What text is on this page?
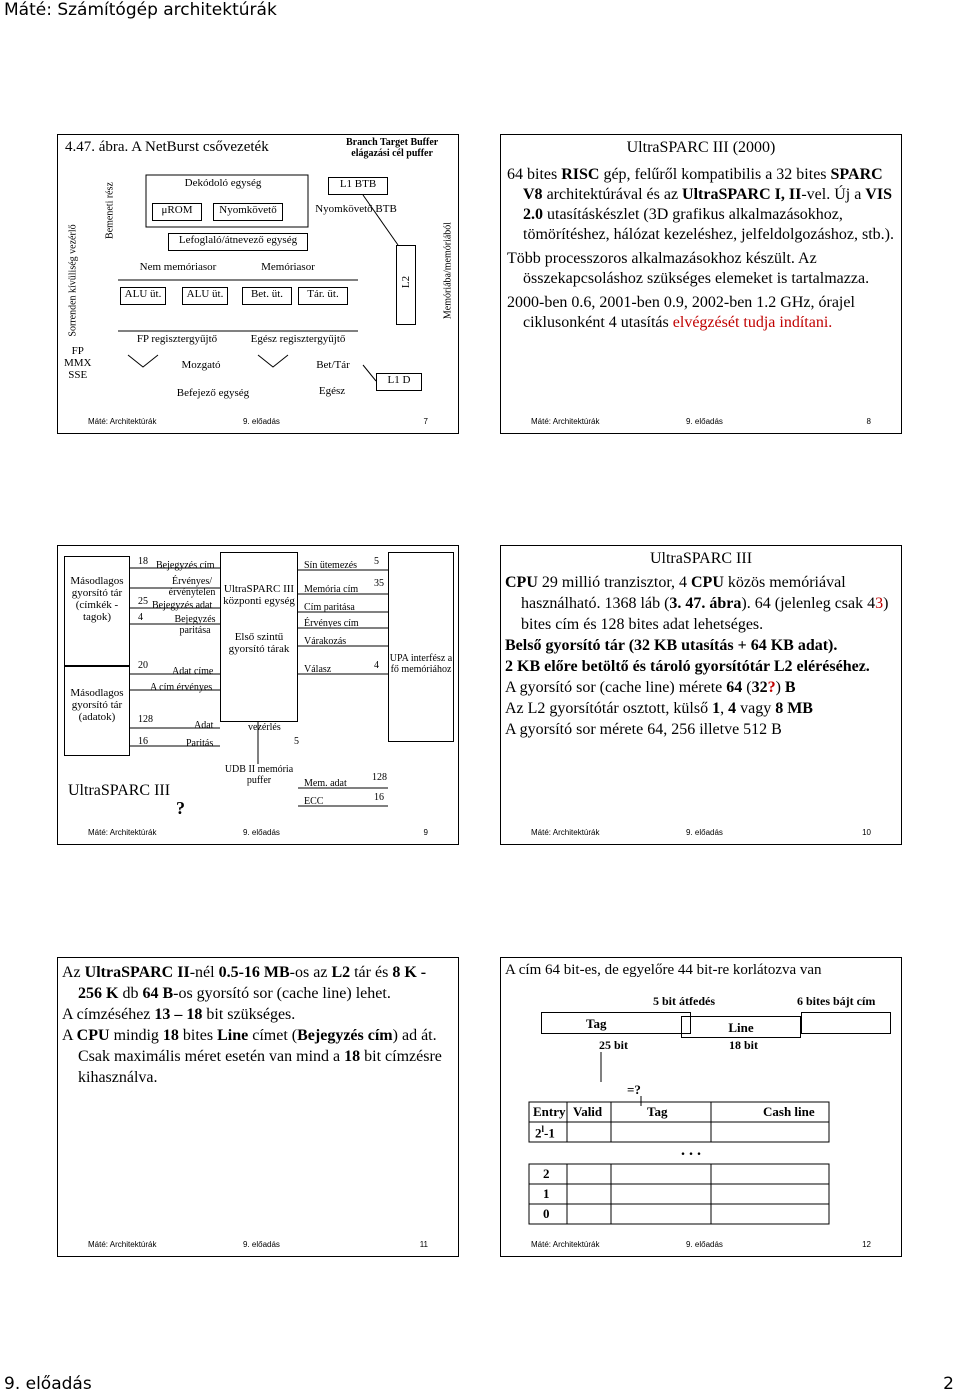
Máté: Számítógép architektúrák
4.47. ábra. A NetBurst csővezeték	Branch Target Buffer
elágazási cél puffer
Sorrenden kívüliség vezérlő
Bemeneti rész
FP
MMX
SSE
Dekódoló egység	L1 BTB
μROM	Nyomkövető	Nyomkövető BTB
Lefoglaló/átnevező egység
Nem memóriasor	Memóriasor
ALU üt.	ALU üt.	Bet. üt.	Tár. üt.
FP regisztergyűjtő	Egész regisztergyűjtő
Mozgató	Bet/Tár
Befejező egység	Egész
L2
L1 D
Memóriába/memóriából
Máté: Architektúrák	9. előadás	7
UltraSPARC III (2000)

64 bites RISC gép, felűről kompatibilis a 32 bites SPARC V8 architektúrával és az UltraSPARC I, II-vel. Új a VIS 2.0 utasításkészlet (3D grafikus alkalmazásokhoz, tömörítéshez, hálózat kezeléshez, jelfeldolgozáshoz, stb.).

Több processzoros alkalmazásokhoz készült. Az összekapcsoláshoz szükséges elemeket is tartalmazza.

2000-ben 0.6, 2001-ben 0.9, 2002-ben 1.2 GHz, órajel ciklusonként 4 utasítás elvégzését tudja indítani.

Máté: Architektúrák	9. előadás	8
Másodlagos gyorsító tár (címkék - tagok)
Másodlagos gyorsító tár (adatok)
18 Bejegyzés cím
Érvényes/ érvénytelen
25 Bejegyzés adat
4	Bejegyzés paritása
20
Adat címe
A cím érvényes
128
Adat
16	Paritás
UltraSPARC III központi egység

Első szintű gyorsító tárak
vezérlés
5
Sín ütemezés 5
35
Memória cím
Cím paritása
Érvényes cím
Várakozás
Válasz	4
UPA interfész a fő memóriához
UDB II memória puffer	Mem. adat
128
ECC	16
UltraSPARC III
?
Máté: Architektúrák	9. előadás	9
UltraSPARC III

CPU 29 millió tranzisztor, 4 CPU közös memóriával használható. 1368 láb (3. 47. ábra). 64 (jelenleg csak 43) bites cím és 128 bites adat lehetséges.

Belső gyorsító tár (32 KB utasítás + 64 KB adat).

2 KB előre betöltő és tároló gyorsítótár L2 eléréséhez.

A gyorsító sor (cache line) mérete 64 (32?) B

Az L2 gyorsítótár osztott, külső 1, 4 vagy 8 MB

A gyorsító sor mérete 64, 256 illetve 512 B

Máté: Architektúrák	9. előadás	10

Az UltraSPARC II-nél 0.5-16 MB-os az L2 tár és 8 K - 256 K db 64 B-os gyorsító sor (cache line) lehet.

A címzéséhez 13 – 18 bit szükséges.

A CPU mindig 18 bites Line címet (Bejegyzés cím) ad át. Csak maximális méret esetén van mind a 18 bit címzésre kihasználva.

Máté: Architektúrák	9. előadás	11
A cím 64 bit-es, de egyelőre 44 bit-re korlátozva van
5 bit átfedés	6 bites bájt cím
Tag	Line
25 bit	18 bit
=?
Entry Valid	Tag	Cash line
2$^l$-1
. . .
2
1
0
Máté: Architektúrák	9. előadás	12
9. előadás	2
